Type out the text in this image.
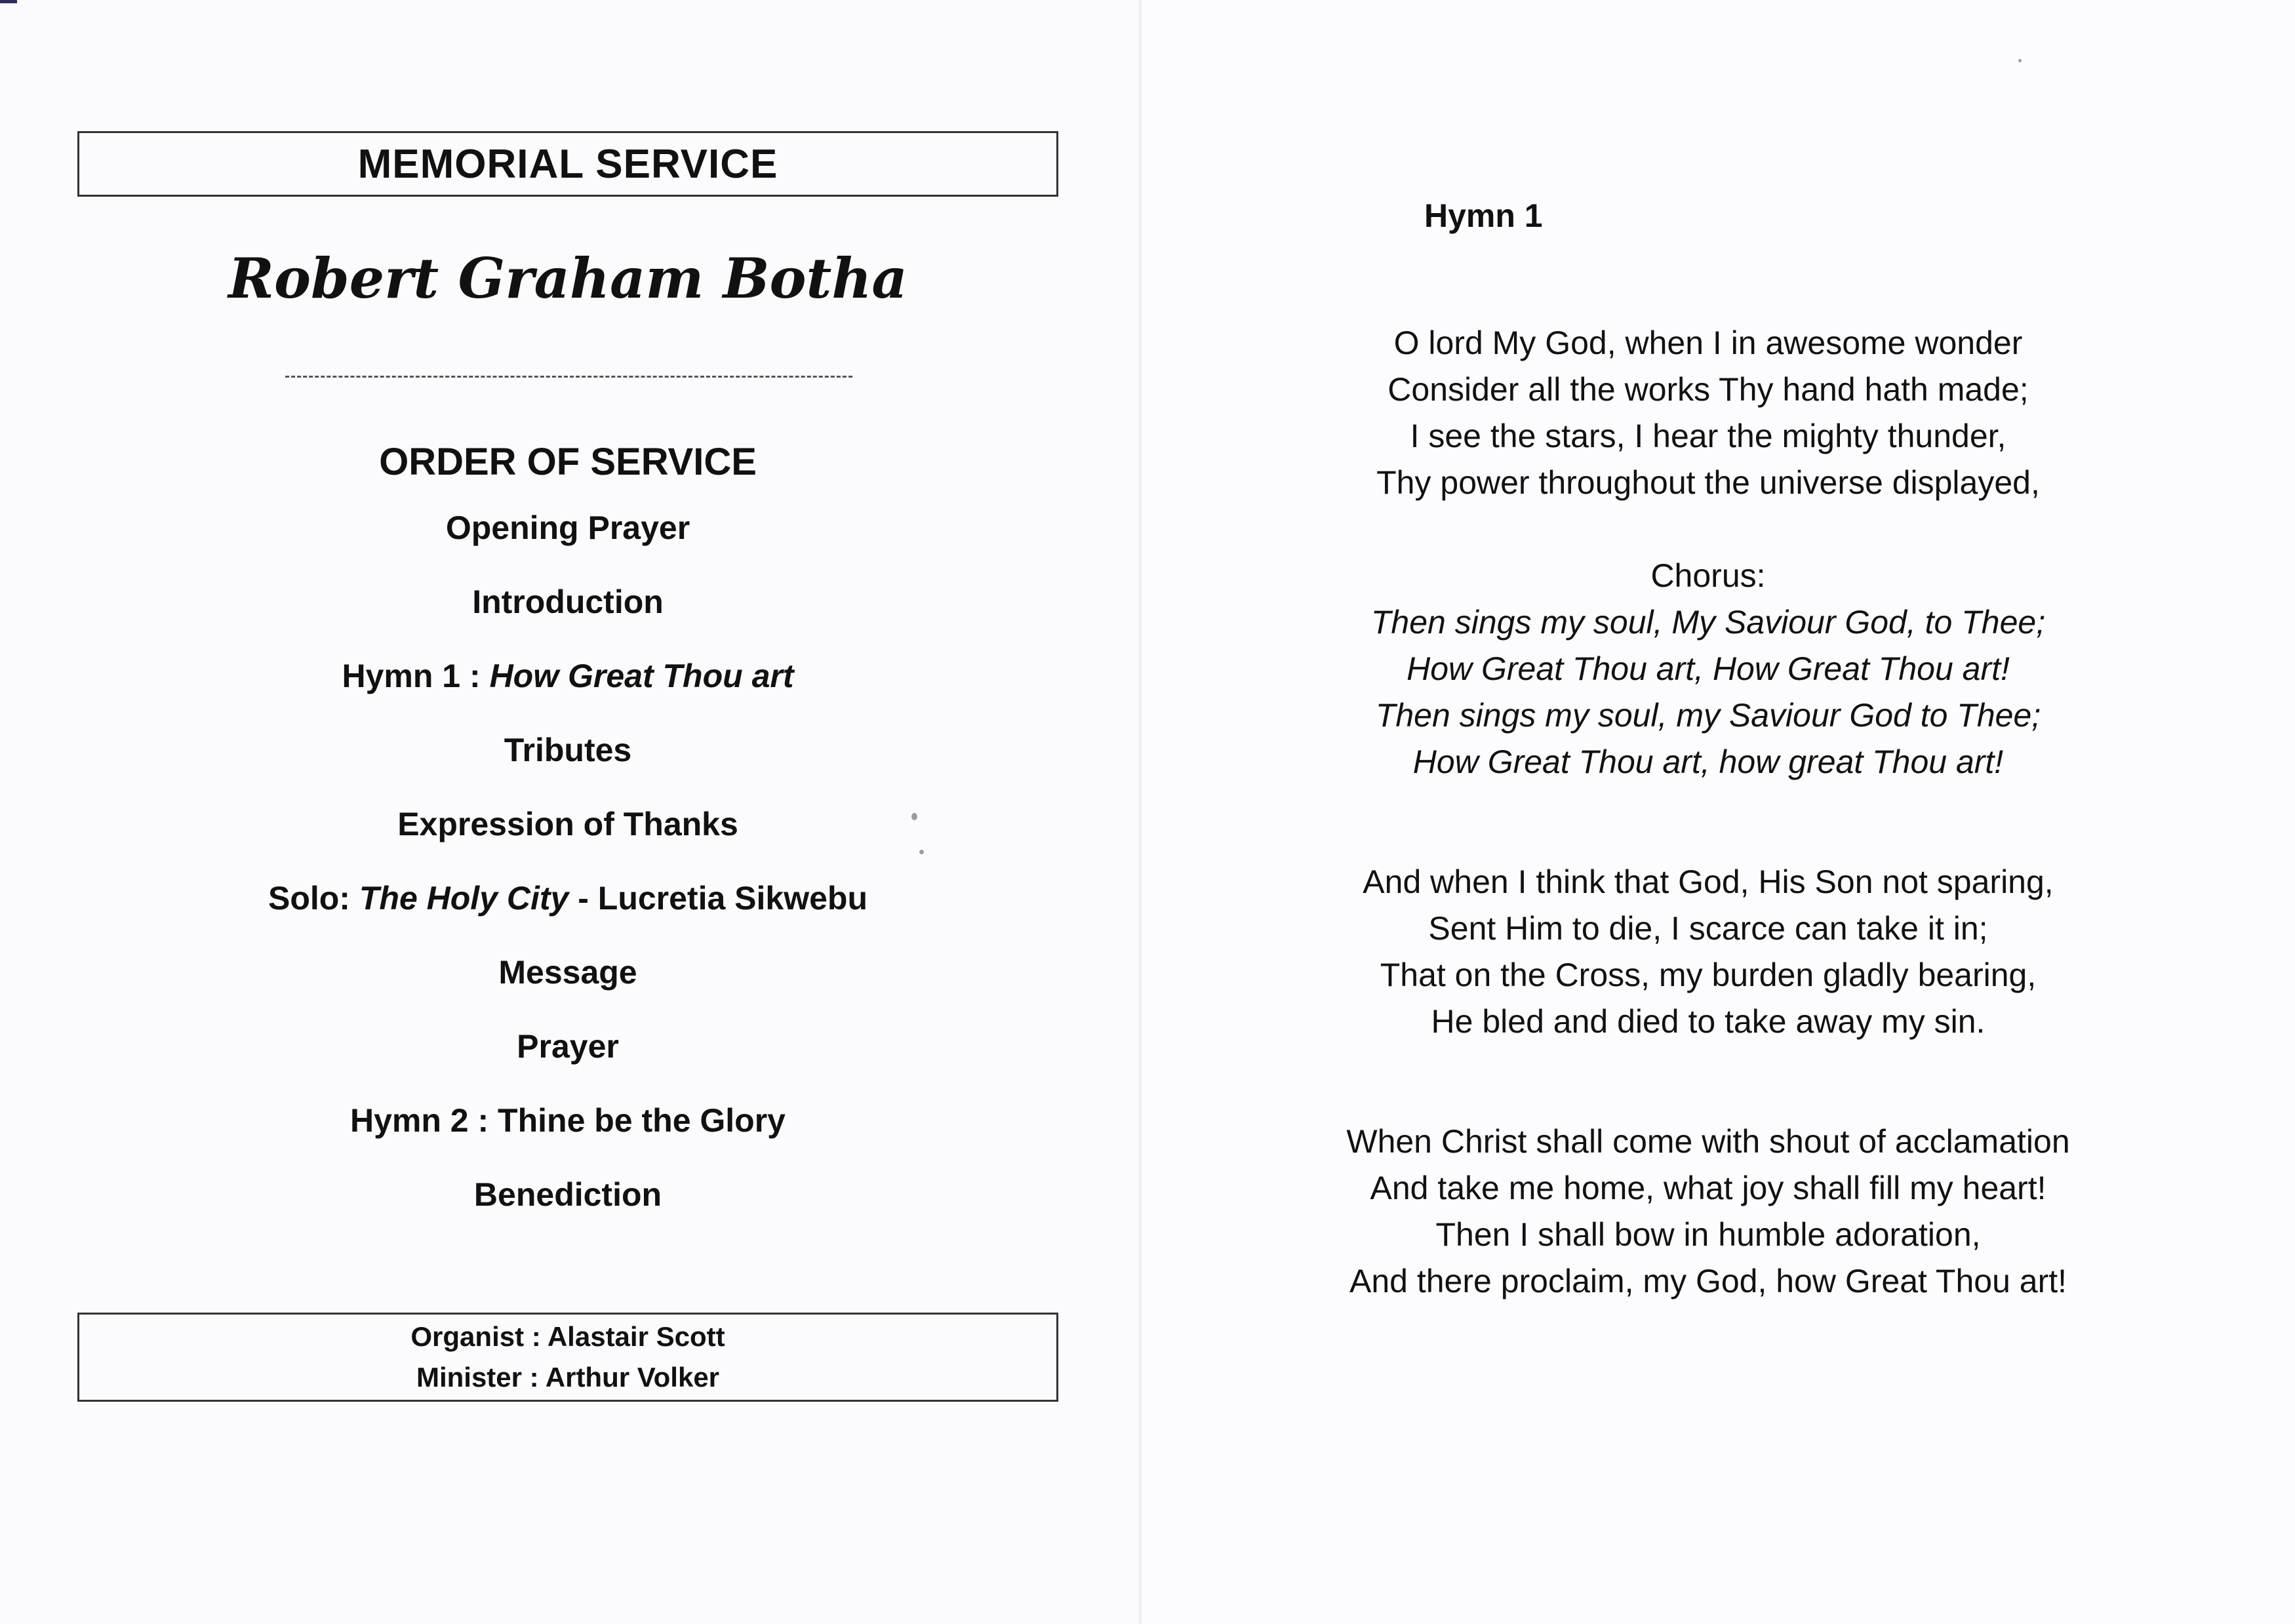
MEMORIAL SERVICE
Robert Graham Botha
ORDER OF SERVICE
Opening Prayer
Introduction
Hymn 1 : How Great Thou art
Tributes
Expression of Thanks
Solo: The Holy City - Lucretia Sikwebu
Message
Prayer
Hymn 2 : Thine be the Glory
Benediction
Organist : Alastair Scott
Minister : Arthur Volker
Hymn 1
O lord My God, when I in awesome wonder
Consider all the works Thy hand hath made;
I see the stars, I hear the mighty thunder,
Thy power throughout the universe displayed,
Chorus:
Then sings my soul, My Saviour God, to Thee;
How Great Thou art, How Great Thou art!
Then sings my soul, my Saviour God to Thee;
How Great Thou art, how great Thou art!
And when I think that God, His Son not sparing,
Sent Him to die, I scarce can take it in;
That on the Cross, my burden gladly bearing,
He bled and died to take away my sin.
When Christ shall come with shout of acclamation
And take me home, what joy shall fill my heart!
Then I shall bow in humble adoration,
And there proclaim, my God, how Great Thou art!
